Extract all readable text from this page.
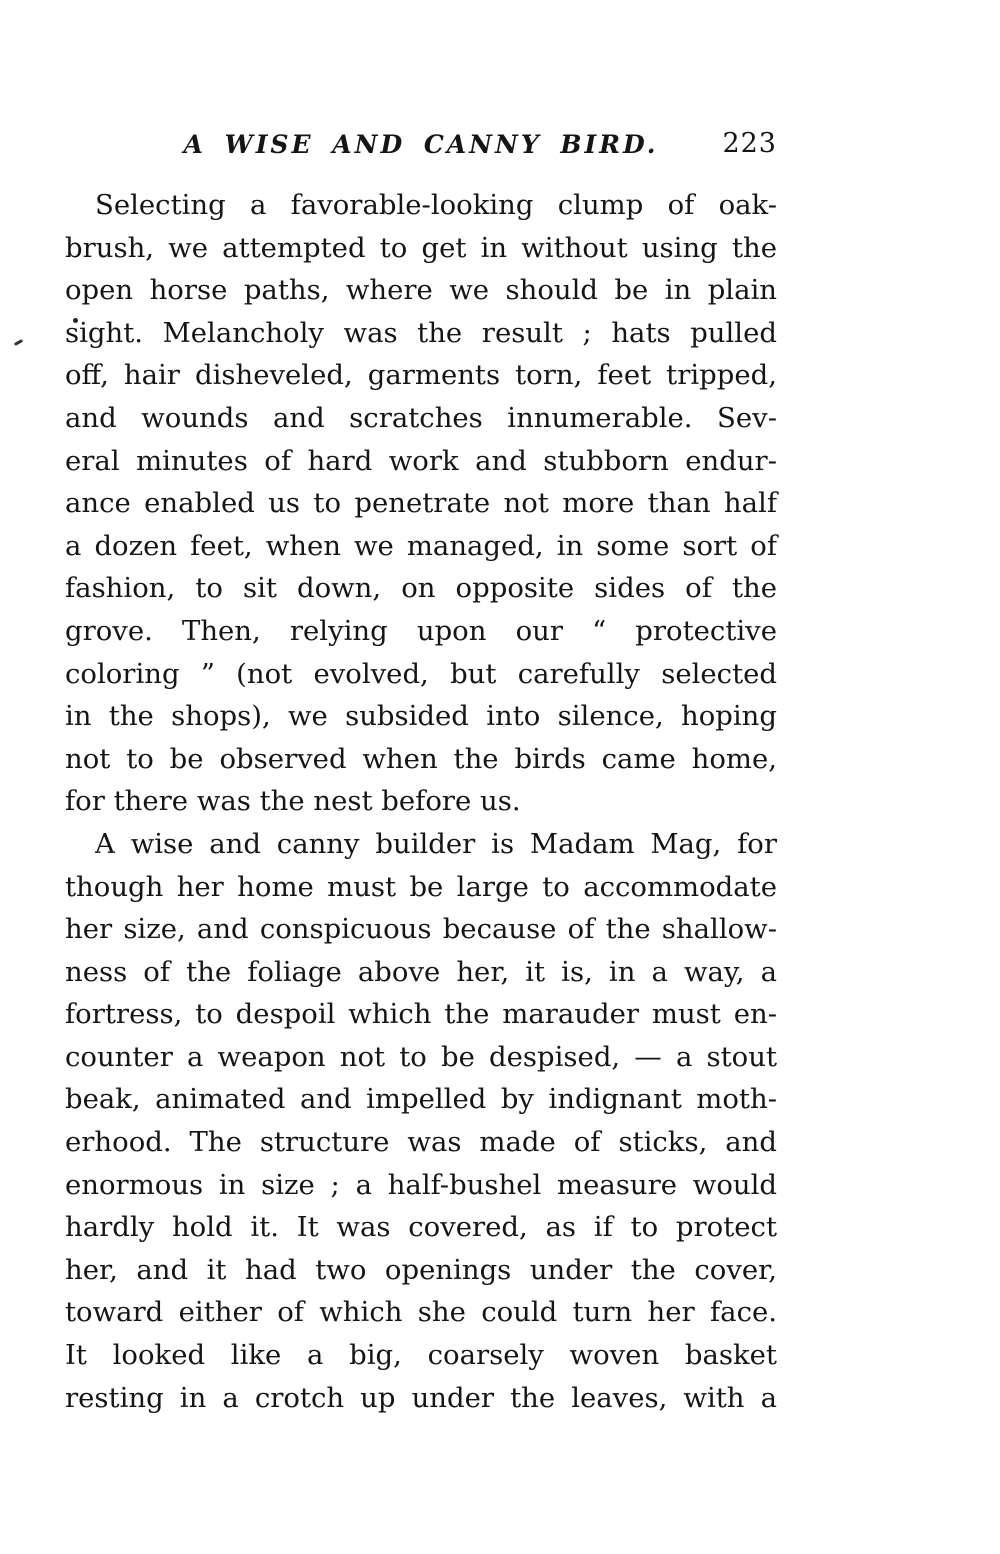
A WISE AND CANNY BIRD.	223
Selecting a favorable-looking clump of oak-
brush, we attempted to get in without using the
open horse paths, where we should be in plain
sight. Melancholy was the result ; hats pulled
off, hair disheveled, garments torn, feet tripped,
and wounds and scratches innumerable. Sev-
eral minutes of hard work and stubborn endur-
ance enabled us to penetrate not more than half
a dozen feet, when we managed, in some sort of
fashion, to sit down, on opposite sides of the
grove. Then, relying upon our “ protective
coloring ” (not evolved, but carefully selected
in the shops), we subsided into silence, hoping
not to be observed when the birds came home,
for there was the nest before us.
A wise and canny builder is Madam Mag, for
though her home must be large to accommodate
her size, and conspicuous because of the shallow-
ness of the foliage above her, it is, in a way, a
fortress, to despoil which the marauder must en-
counter a weapon not to be despised, — a stout
beak, animated and impelled by indignant moth-
erhood. The structure was made of sticks, and
enormous in size ; a half-bushel measure would
hardly hold it. It was covered, as if to protect
her, and it had two openings under the cover,
toward either of which she could turn her face.
It looked like a big, coarsely woven basket
resting in a crotch up under the leaves, with a
